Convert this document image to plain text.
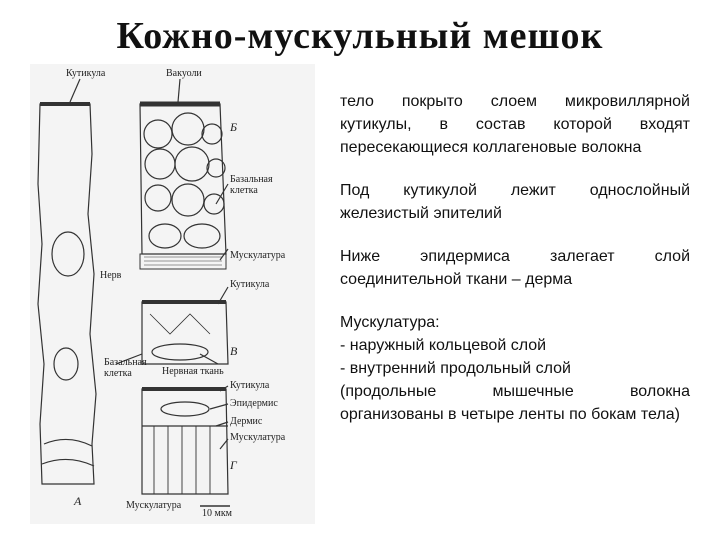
Кожно-мускульный мешок
Кутикула	Вакуоли
Б
Базальная
клетка
Мускулатура
Нерв
Кутикула
В
Базальная
клетка	Нервная ткань
Кутикула
Эпидермис
Дермис
Мускулатура
Г
А	Мускулатура
10 мкм

тело покрыто слоем микровиллярной кутикулы, в состав которой входят пересекающиеся коллагеновые волокна

Под кутикулой лежит однослойный железистый эпителий

Ниже эпидермиса залегает слой соединительной ткани – дерма

Мускулатура:
- наружный кольцевой слой
- внутренний продольный слой
(продольные мышечные волокна организованы в четыре ленты по бокам тела)
